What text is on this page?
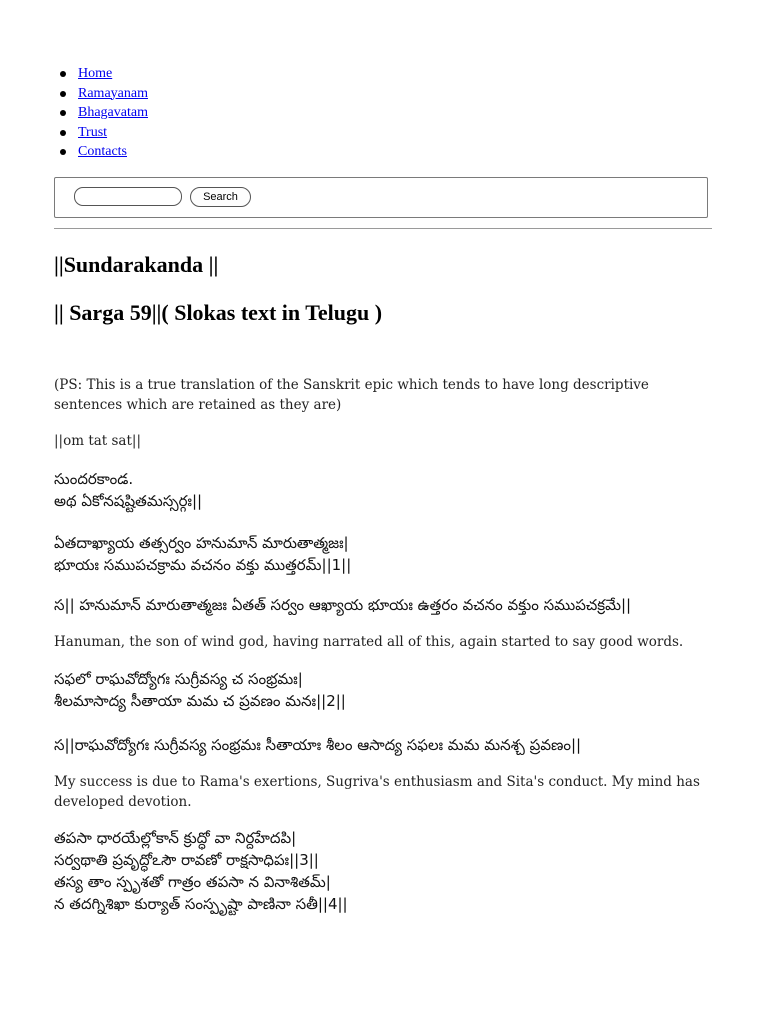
Home
Ramayanam
Bhagavatam
Trust
Contacts
Search
||Sundarakanda ||
|| Sarga 59||( Slokas text in Telugu )
(PS: This is a true translation of the Sanskrit epic which tends to have long descriptive sentences which are retained as they are)
||om tat sat||
సుందరకాండ.
అథ ఏకోనషష్టితమస్సర్గః||
ఏతదాఖ్యాయ తత్సర్వం హనుమాన్ మారుతాత్మజః|
భూయః సముపచక్రామ వచనం వక్తు ముత్తరమ్||1||
స|| హనుమాన్ మారుతాత్మజః ఏతత్ సర్వం ఆఖ్యాయ భూయః ఉత్తరం వచనం వక్తుం సముపచక్రమే||
Hanuman, the son of wind god, having narrated all of this, again started to say good words.
సఫలో రాఘవోద్యోగః సుగ్రీవస్య చ సంభ్రమః|
శీలమాసాద్య సీతాయా మమ చ ప్రవణం మనః||2||
స||రాఘవోద్యోగః సుగ్రీవస్య సంభ్రమః సీతాయాః శీలం ఆసాద్య సఫలః మమ మనశ్చ ప్రవణం||
My success is due to Rama's exertions, Sugriva's enthusiasm and Sita's conduct. My mind has developed devotion.
తపసా ధారయేల్లోకాన్ క్రుద్ధో వా నిర్దహేదపి|
సర్వథాతి ప్రవృద్ధోఽసౌ రావణో రాక్షసాధిపః||3||
తస్య తాం స్పృశతో గాత్రం తపసా న వినాశితమ్|
న తదగ్నిశిఖా కుర్యాత్ సంస్పృష్టా పాణినా సతీ||4||
